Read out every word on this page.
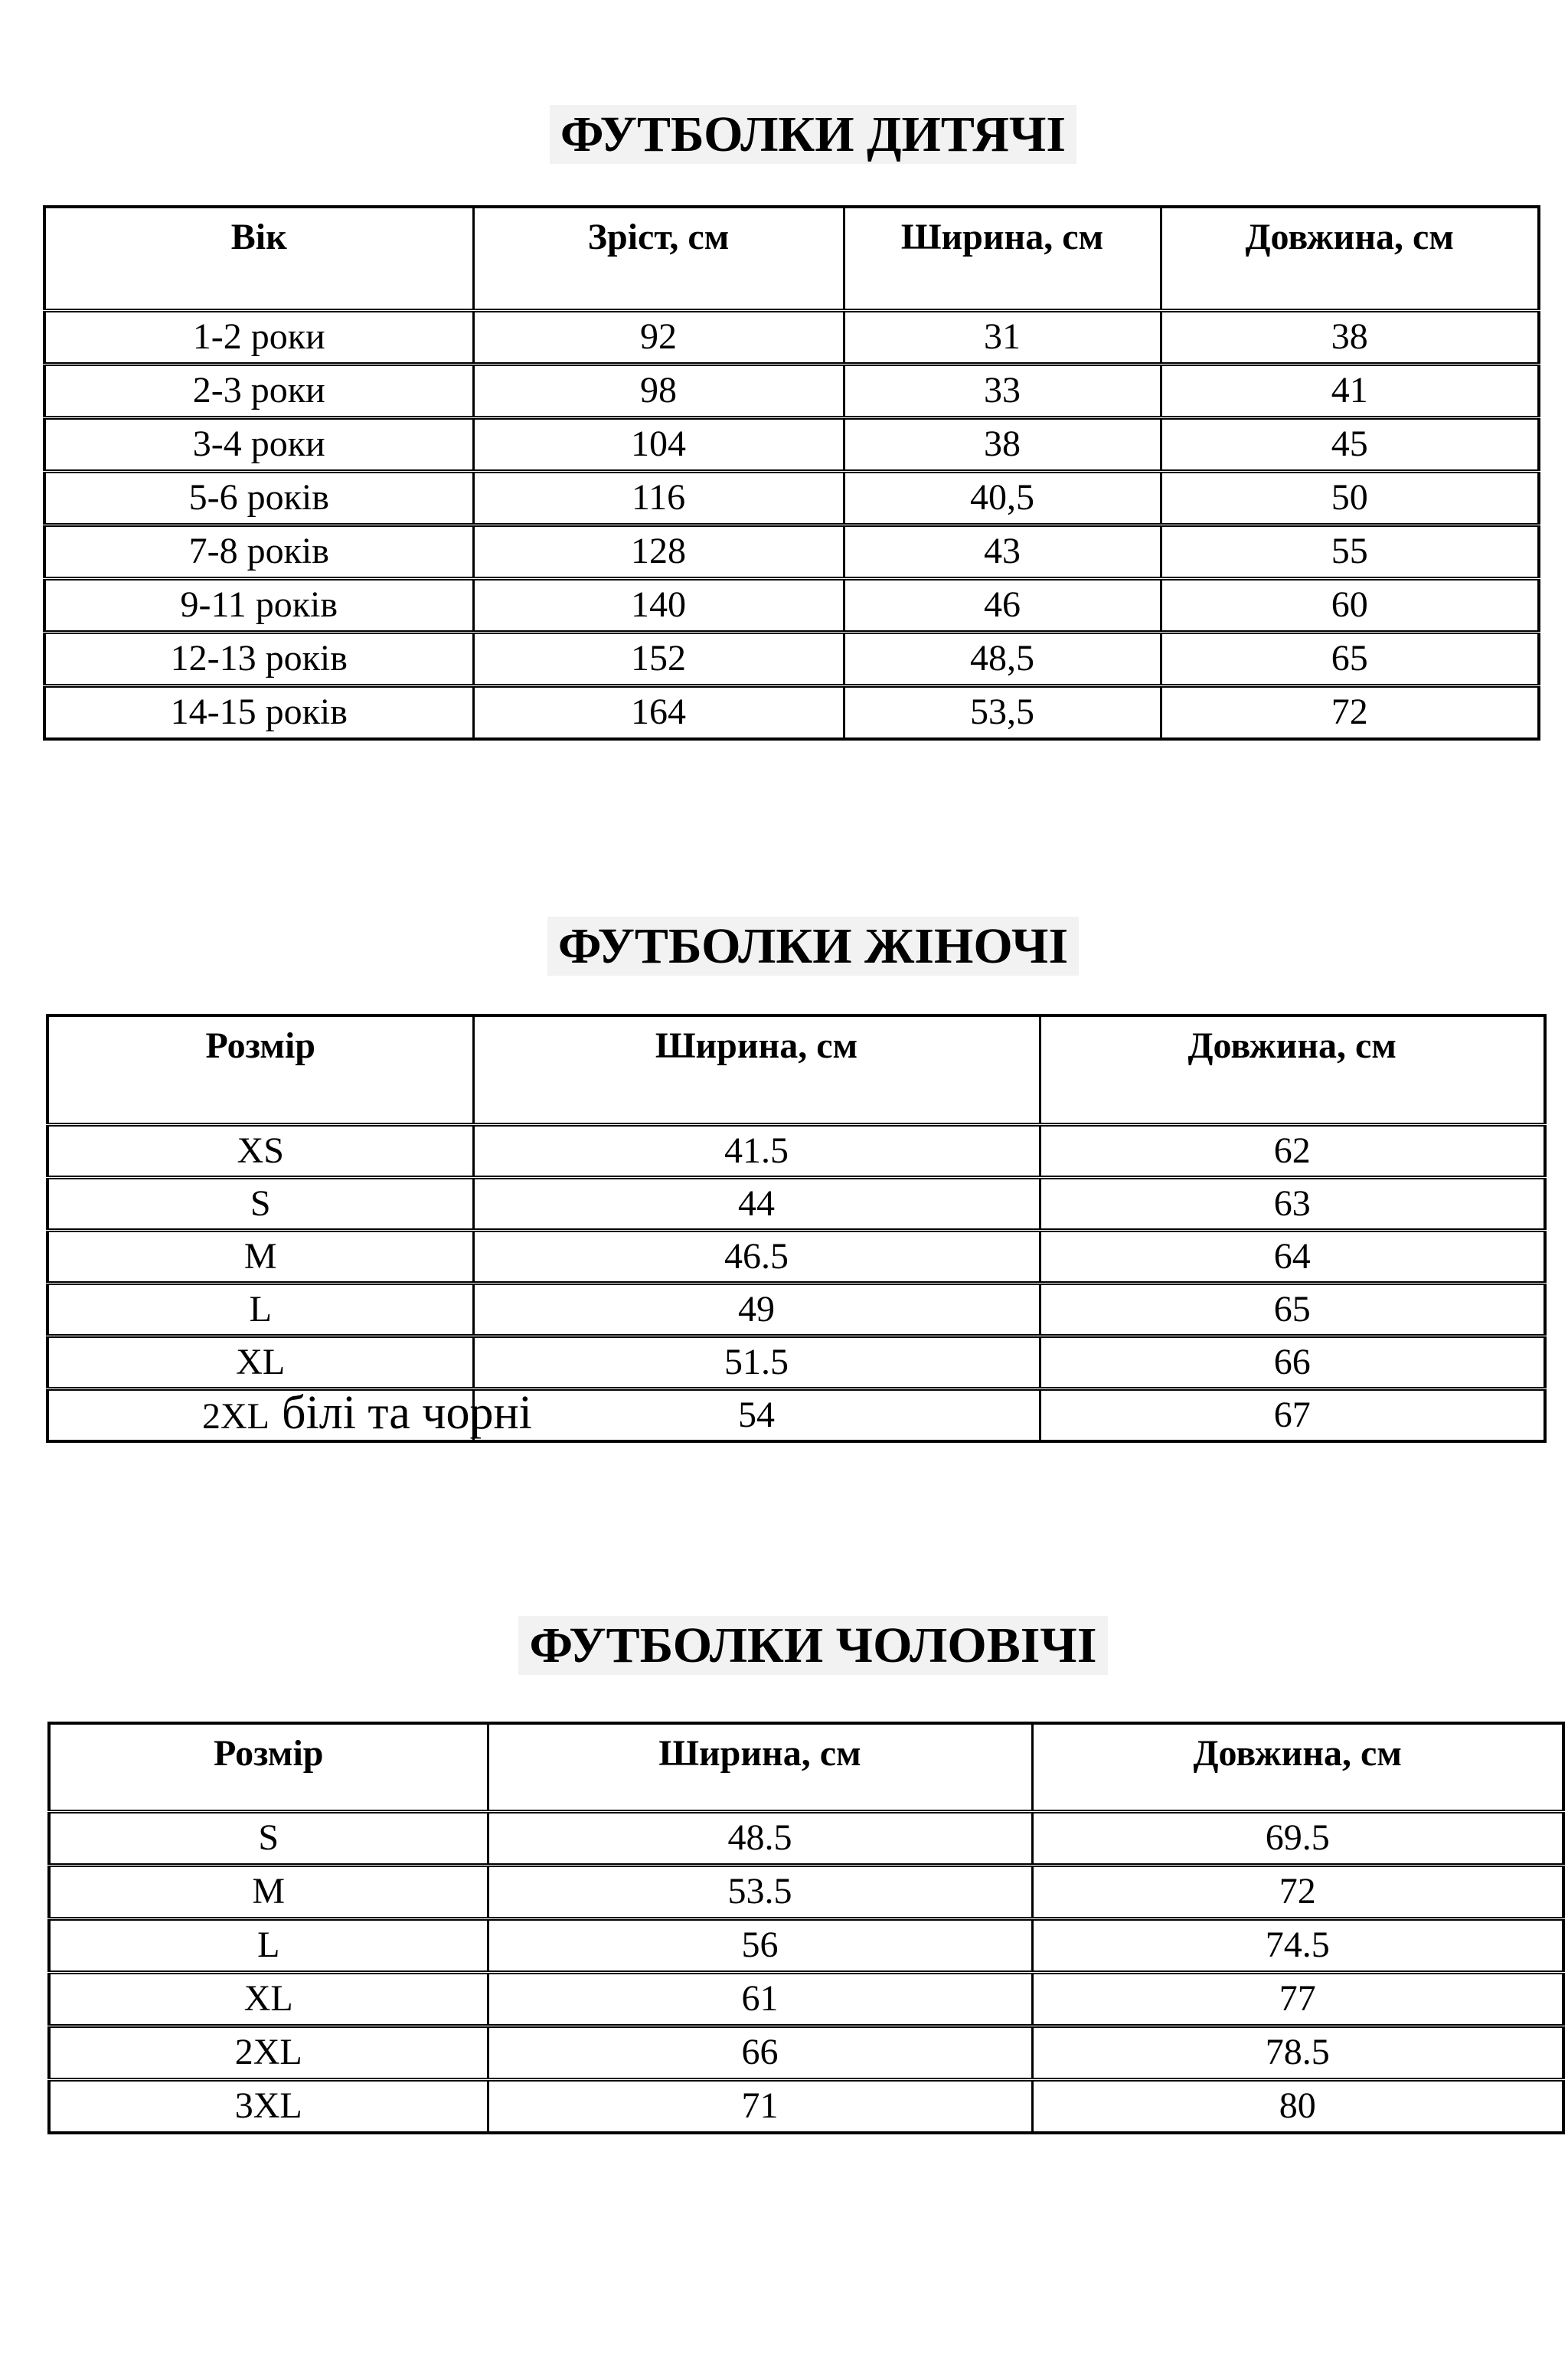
ФУТБОЛКИ ДИТЯЧІ
Вік	Зріст, см	Ширина, см	Довжина, см
1-2 роки	92	31	38
2-3 роки	98	33	41
3-4 роки	104	38	45
5-6 років	116	40,5	50
7-8 років	128	43	55
9-11 років	140	46	60
12-13 років	152	48,5	65
14-15 років	164	53,5	72
ФУТБОЛКИ ЖІНОЧІ
Розмір	Ширина, см	Довжина, см
XS	41.5	62
S	44	63
M	46.5	64
L	49	65
XL	51.5	66

2XL білі та чорні	54	67
ФУТБОЛКИ ЧОЛОВІЧІ
Розмір	Ширина, см	Довжина, см
S	48.5	69.5
M	53.5	72
L	56	74.5
XL	61	77
2XL	66	78.5
3XL	71	80
